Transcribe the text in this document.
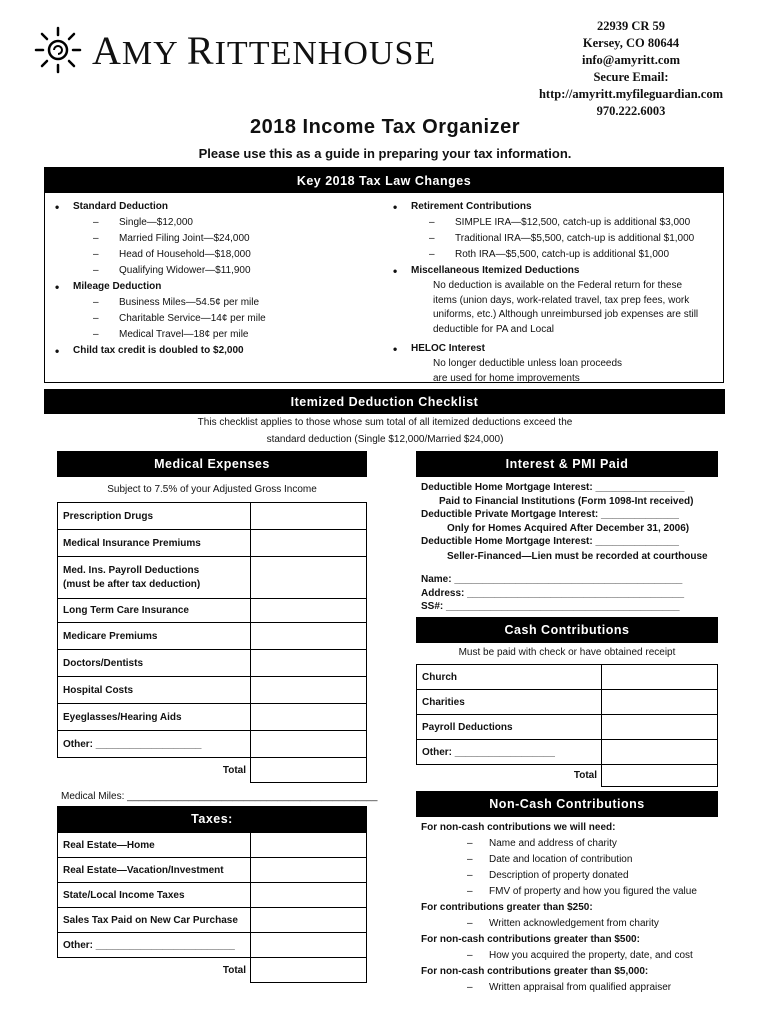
AMY RITTENHOUSE
22939 CR 59
Kersey, CO 80644
info@amyritt.com
Secure Email:
http://amyritt.myfileguardian.com
970.222.6003
2018 Income Tax Organizer
Please use this as a guide in preparing your tax information.
Key 2018 Tax Law Changes
• Standard Deduction
– Single—$12,000
– Married Filing Joint—$24,000
– Head of Household—$18,000
– Qualifying Widower—$11,900
• Mileage Deduction
– Business Miles—54.5¢ per mile
– Charitable Service—14¢ per mile
– Medical Travel—18¢ per mile
• Child tax credit is doubled to $2,000
• Retirement Contributions
– SIMPLE IRA—$12,500, catch-up is additional $3,000
– Traditional IRA—$5,500, catch-up is additional $1,000
– Roth IRA—$5,500, catch-up is additional $1,000
• Miscellaneous Itemized Deductions
No deduction is available on the Federal return for these
items (union days, work-related travel, tax prep fees, work
uniforms, etc.) Although unreimbursed job expenses are still
deductible for PA and Local
• HELOC Interest
No longer deductible unless loan proceeds
are used for home improvements
Itemized Deduction Checklist
This checklist applies to those whose sum total of all itemized deductions exceed the
standard deduction (Single $12,000/Married $24,000)
Medical Expenses
Subject to 7.5% of your Adjusted Gross Income
Prescription Drugs	
Medical Insurance Premiums	

Med. Ins. Payroll Deductions
(must be after tax deduction)	

Long Term Care Insurance	
Medicare Premiums	
Doctors/Dentists	
Hospital Costs	
Eyeglasses/Hearing Aids	
Other: ___________________	
Total	
Medical Miles: _____________________________________________
Taxes:
Real Estate—Home	
Real Estate—Vacation/Investment	
State/Local Income Taxes	
Sales Tax Paid on New Car Purchase	
Other: _________________________	
Total	
Interest & PMI Paid
Deductible Home Mortgage Interest: ________________
Paid to Financial Institutions (Form 1098-Int received)
Deductible Private Mortgage Interest: ______________
Only for Homes Acquired After December 31, 2006)
Deductible Home Mortgage Interest: _______________
Seller-Financed—Lien must be recorded at courthouse
Name: _________________________________________
Address: _______________________________________
SS#: __________________________________________
Cash Contributions
Must be paid with check or have obtained receipt
Church	
Charities	
Payroll Deductions	
Other: __________________	
Total	
Non-Cash Contributions
For non-cash contributions we will need:
– Name and address of charity
– Date and location of contribution
– Description of property donated
– FMV of property and how you figured the value
For contributions greater than $250:
– Written acknowledgement from charity
For non-cash contributions greater than $500:
– How you acquired the property, date, and cost
For non-cash contributions greater than $5,000:
– Written appraisal from qualified appraiser
